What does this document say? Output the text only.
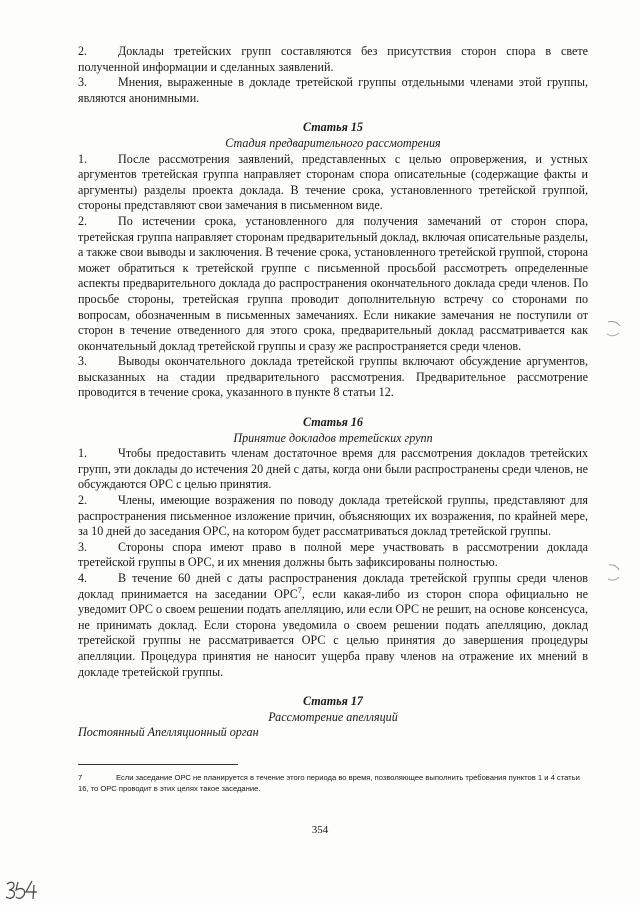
2.	Доклады третейских групп составляются без присутствия сторон спора в свете полученной информации и сделанных заявлений.

3.	Мнения, выраженные в докладе третейской группы отдельными членами этой группы, являются анонимными.

Статья 15
Стадия предварительного рассмотрения

1.	После рассмотрения заявлений, представленных с целью опровержения, и устных аргументов третейская группа направляет сторонам спора описательные (содержащие факты и аргументы) разделы проекта доклада. В течение срока, установленного третейской группой, стороны представляют свои замечания в письменном виде.

2.	По истечении срока, установленного для получения замечаний от сторон спора, третейская группа направляет сторонам предварительный доклад, включая описательные разделы, а также свои выводы и заключения. В течение срока, установленного третейской группой, сторона может обратиться к третейской группе с письменной просьбой рассмотреть определенные аспекты предварительного доклада до распространения окончательного доклада среди членов. По просьбе стороны, третейская группа проводит дополнительную встречу со сторонами по вопросам, обозначенным в письменных замечаниях. Если никакие замечания не поступили от сторон в течение отведенного для этого срока, предварительный доклад рассматривается как окончательный доклад третейской группы и сразу же распространяется среди членов.

3.	Выводы окончательного доклада третейской группы включают обсуждение аргументов, высказанных на стадии предварительного рассмотрения. Предварительное рассмотрение проводится в течение срока, указанного в пункте 8 статьи 12.

Статья 16
Принятие докладов третейских групп

1.	Чтобы предоставить членам достаточное время для рассмотрения докладов третейских групп, эти доклады до истечения 20 дней с даты, когда они были распространены среди членов, не обсуждаются ОРС с целью принятия.

2.	Члены, имеющие возражения по поводу доклада третейской группы, представляют для распространения письменное изложение причин, объясняющих их возражения, по крайней мере, за 10 дней до заседания ОРС, на котором будет рассматриваться доклад третейской группы.

3.	Стороны спора имеют право в полной мере участвовать в рассмотрении доклада третейской группы в ОРС, и их мнения должны быть зафиксированы полностью.

4.	В течение 60 дней с даты распространения доклада третейской группы среди членов доклад принимается на заседании ОРС$^7$, если какая-либо из сторон спора официально не уведомит ОРС о своем решении подать апелляцию, или если ОРС не решит, на основе консенсуса, не принимать доклад. Если сторона уведомила о своем решении подать апелляцию, доклад третейской группы не рассматривается ОРС с целью принятия до завершения процедуры апелляции. Процедура принятия не наносит ущерба праву членов на отражение их мнений в докладе третейской группы.

Статья 17
Рассмотрение апелляций
Постоянный Апелляционный орган
7	Если заседание ОРС не планируется в течение этого периода во время, позволяющее выполнить требования пунктов 1 и 4 статьи 16, то ОРС проводит в этих целях такое заседание.
354
